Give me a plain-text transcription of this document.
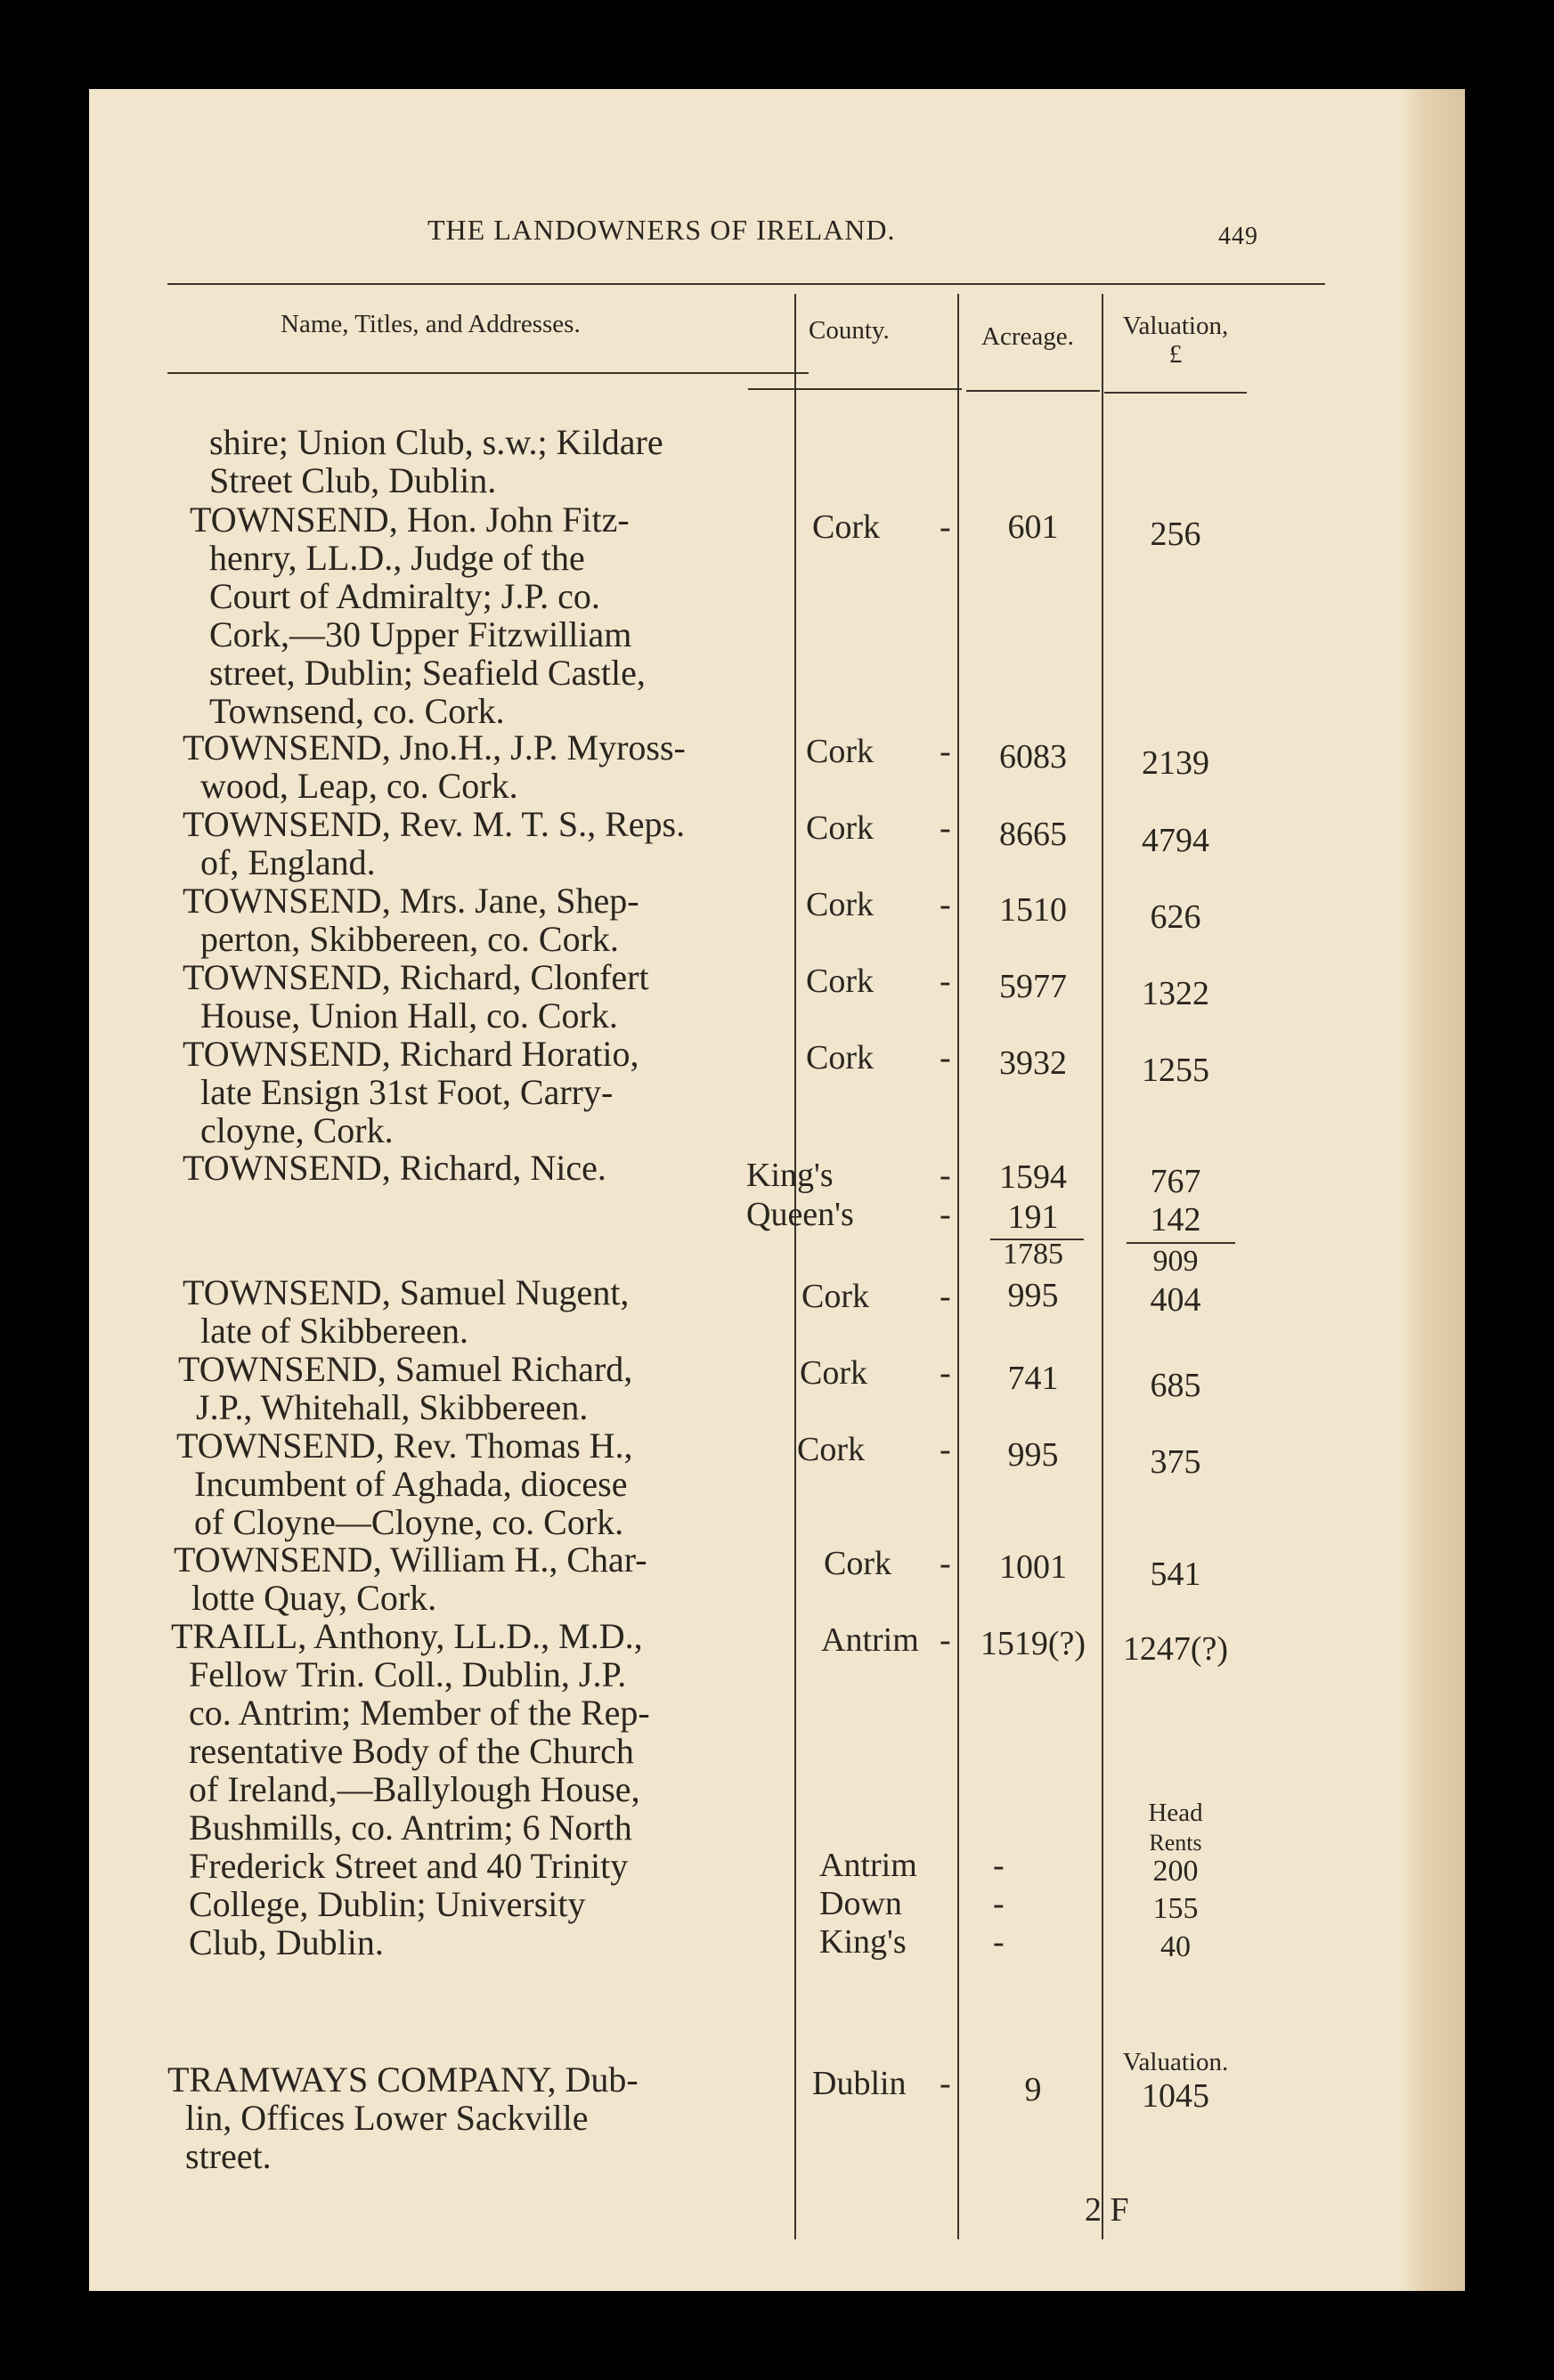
THE LANDOWNERS OF IRELAND.	449
Name, Titles, and Addresses.	County.	Acreage.	Valuation,
£
shire; Union Club, s.w.; Kildare
Street Club, Dublin.
TOWNSEND, Hon. John Fitz-
henry, LL.D., Judge of the
Court of Admiralty; J.P. co.
Cork,—30 Upper Fitzwilliam
street, Dublin; Seafield Castle,
Townsend, co. Cork.
Cork -	601	256
TOWNSEND, Jno.H., J.P. Myross-
wood, Leap, co. Cork.
Cork -	6083	2139
TOWNSEND, Rev. M. T. S., Reps.
of, England.
Cork -	8665	4794
TOWNSEND, Mrs. Jane, Shep-
perton, Skibbereen, co. Cork.
Cork -	1510	626
TOWNSEND, Richard, Clonfert
House, Union Hall, co. Cork.
Cork -	5977	1322
TOWNSEND, Richard Horatio,
late Ensign 31st Foot, Carry-
cloyne, Cork.
Cork -	3932	1255
TOWNSEND, Richard, Nice.	King's	-	1594	767
Queen's	-	191	142
1785	909
TOWNSEND, Samuel Nugent,
late of Skibbereen.
Cork -	995	404
TOWNSEND, Samuel Richard,
J.P., Whitehall, Skibbereen.
Cork -	741	685
TOWNSEND, Rev. Thomas H.,
Incumbent of Aghada, diocese
of Cloyne—Cloyne, co. Cork.
Cork -	995	375
TOWNSEND, William H., Char-
lotte Quay, Cork.
Cork -	1001	541
TRAILL, Anthony, LL.D., M.D.,
Fellow Trin. Coll., Dublin, J.P.
co. Antrim; Member of the Rep-
resentative Body of the Church
of Ireland,—Ballylough House,
Bushmills, co. Antrim; 6 North
Frederick Street and 40 Trinity
College, Dublin; University
Club, Dublin.
Antrim - 1519(?)	1247(?)
Head
Rents
Antrim -	200
Down	-	155
King's	-	40
TRAMWAYS COMPANY, Dub-
lin, Offices Lower Sackville
street.
Dublin -	9
Valuation.
1045
2 F
